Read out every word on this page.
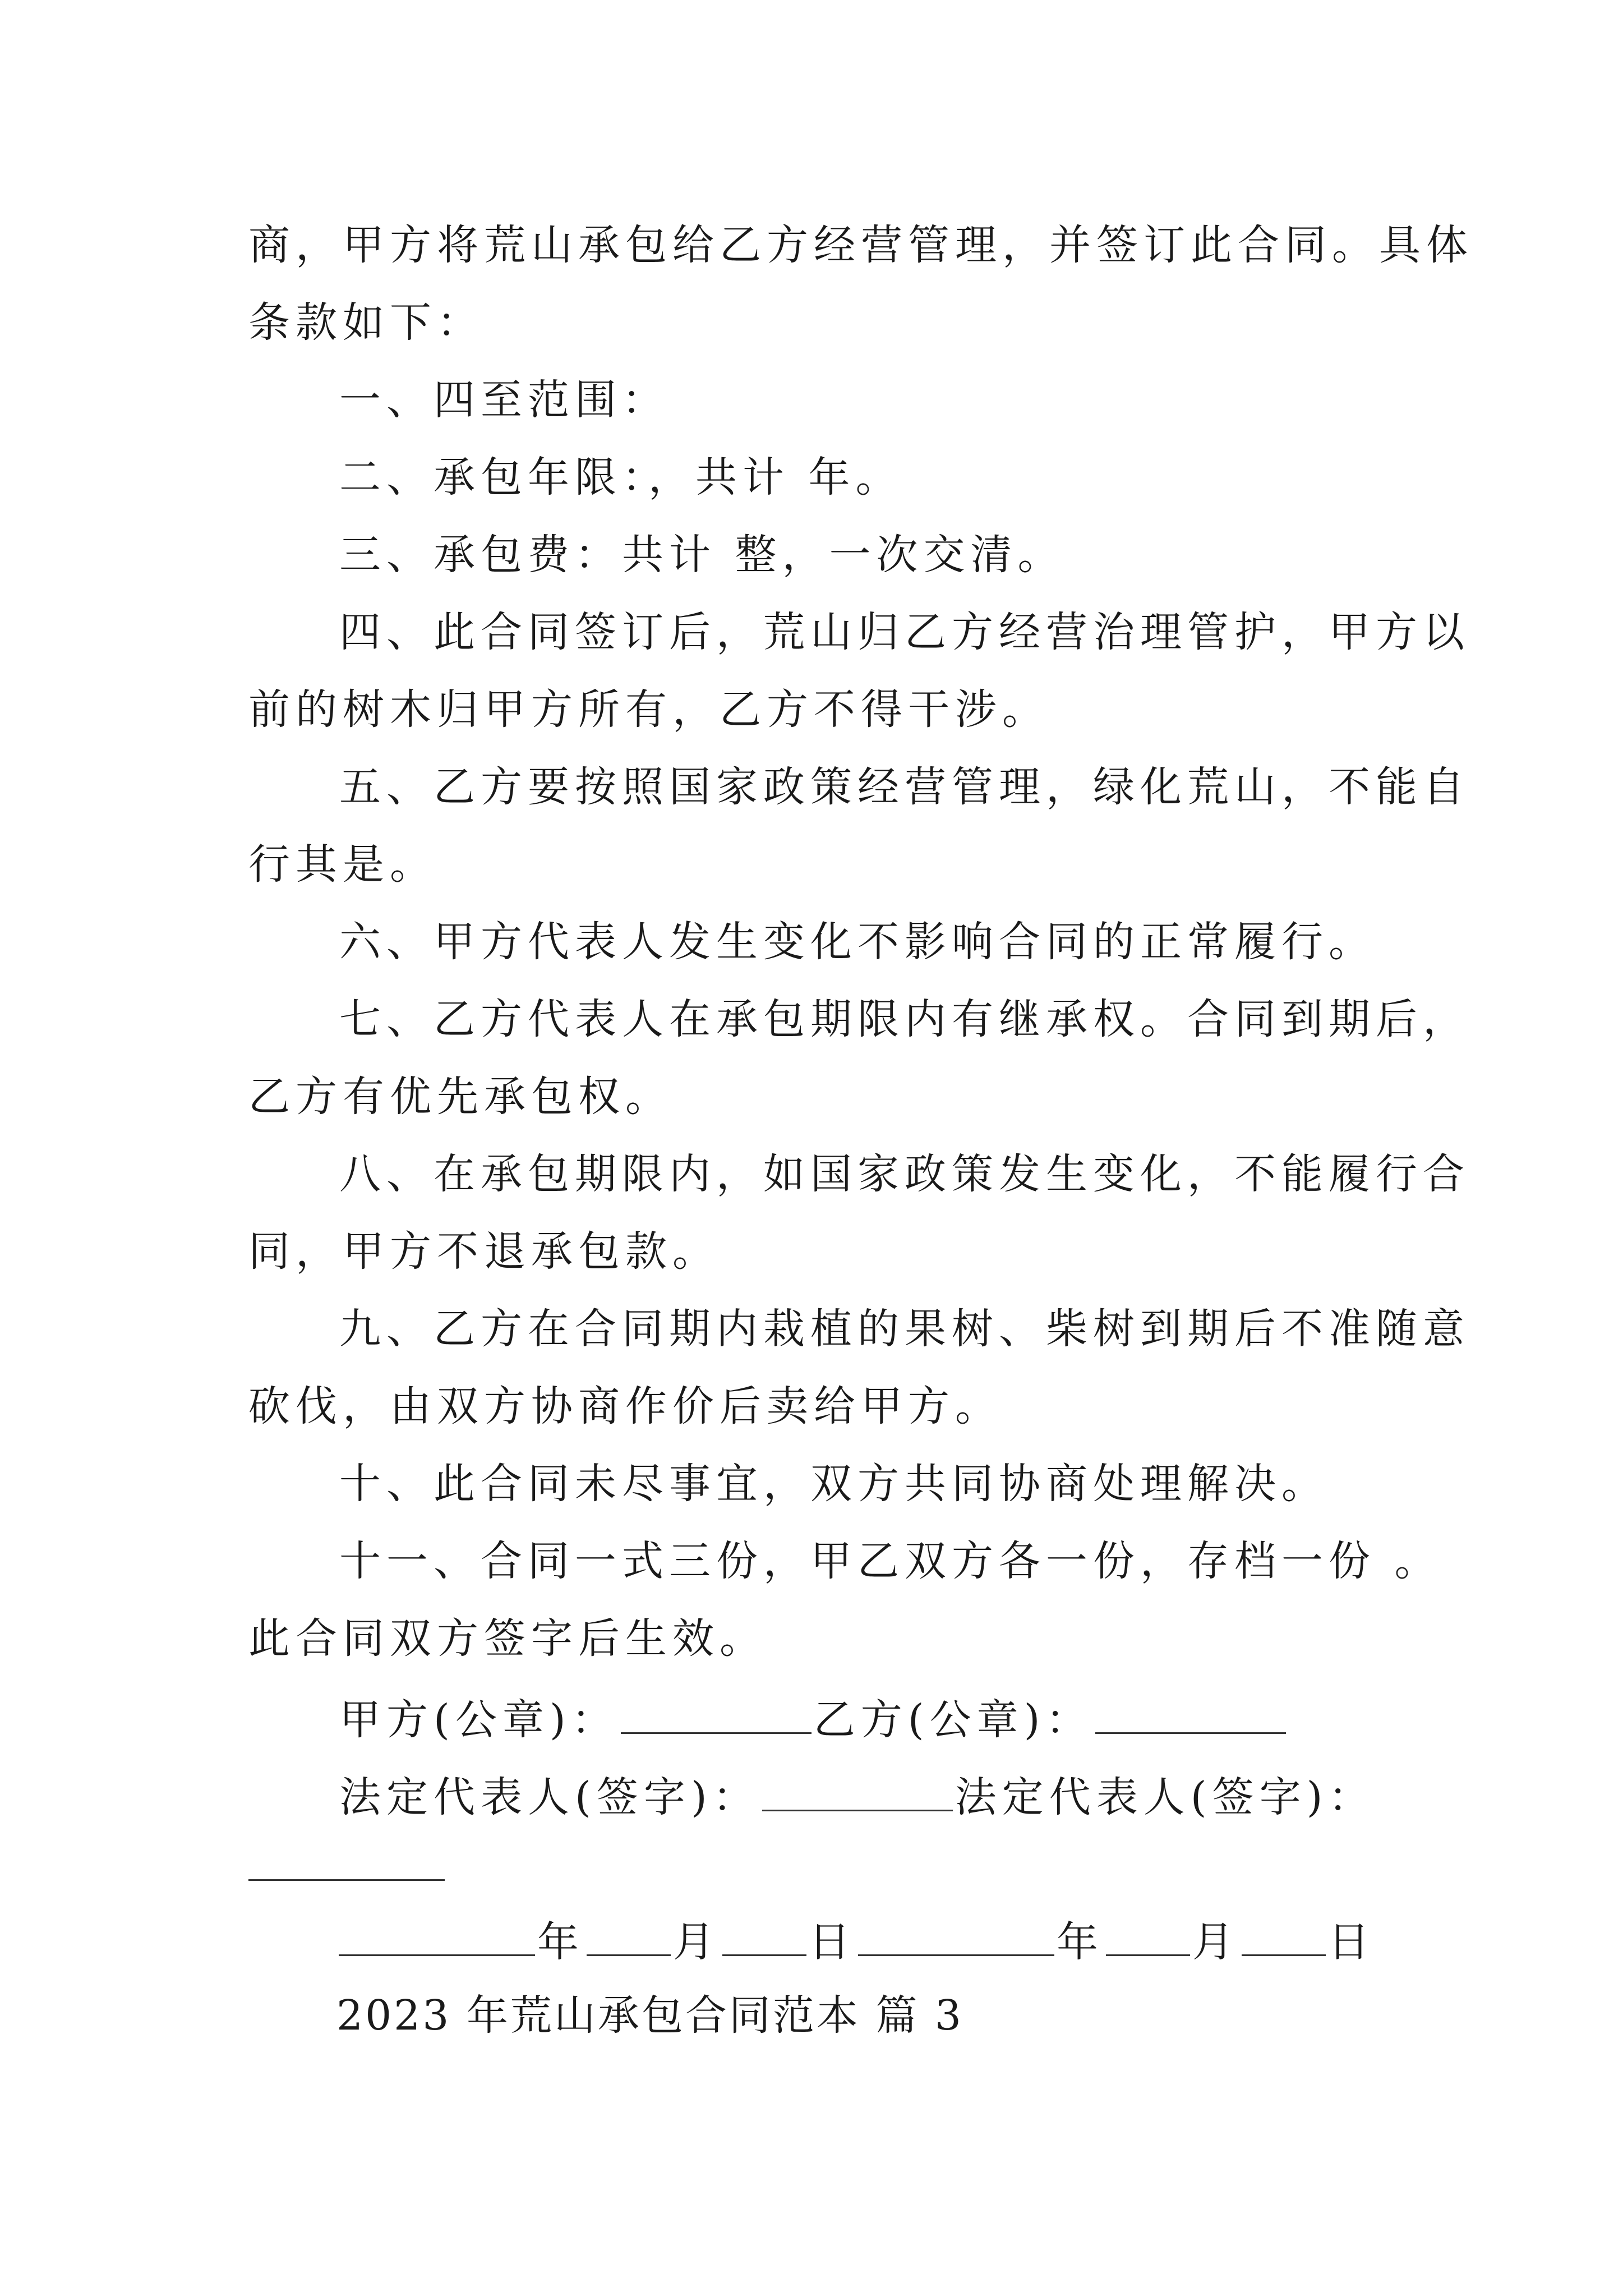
商，甲方将荒山承包给乙方经营管理，并签订此合同。具体
条款如下：
一、四至范围：
二、承包年限：，共计 年。
三、承包费：共计 整，一次交清。
四、此合同签订后，荒山归乙方经营治理管护，甲方以
前的树木归甲方所有，乙方不得干涉。
五、乙方要按照国家政策经营管理，绿化荒山，不能自
行其是。
六、甲方代表人发生变化不影响合同的正常履行。
七、乙方代表人在承包期限内有继承权。合同到期后，
乙方有优先承包权。
八、在承包期限内，如国家政策发生变化，不能履行合
同，甲方不退承包款。
九、乙方在合同期内栽植的果树、柴树到期后不准随意
砍伐，由双方协商作价后卖给甲方。
十、此合同未尽事宜，双方共同协商处理解决。
十一、合同一式三份，甲乙双方各一份，存档一份 。
此合同双方签字后生效。
甲方(公章)：	乙方(公章)：
法定代表人(签字)：	法定代表人(签字)：
年 月 日	年 月 日
2023 年荒山承包合同范本 篇 3
